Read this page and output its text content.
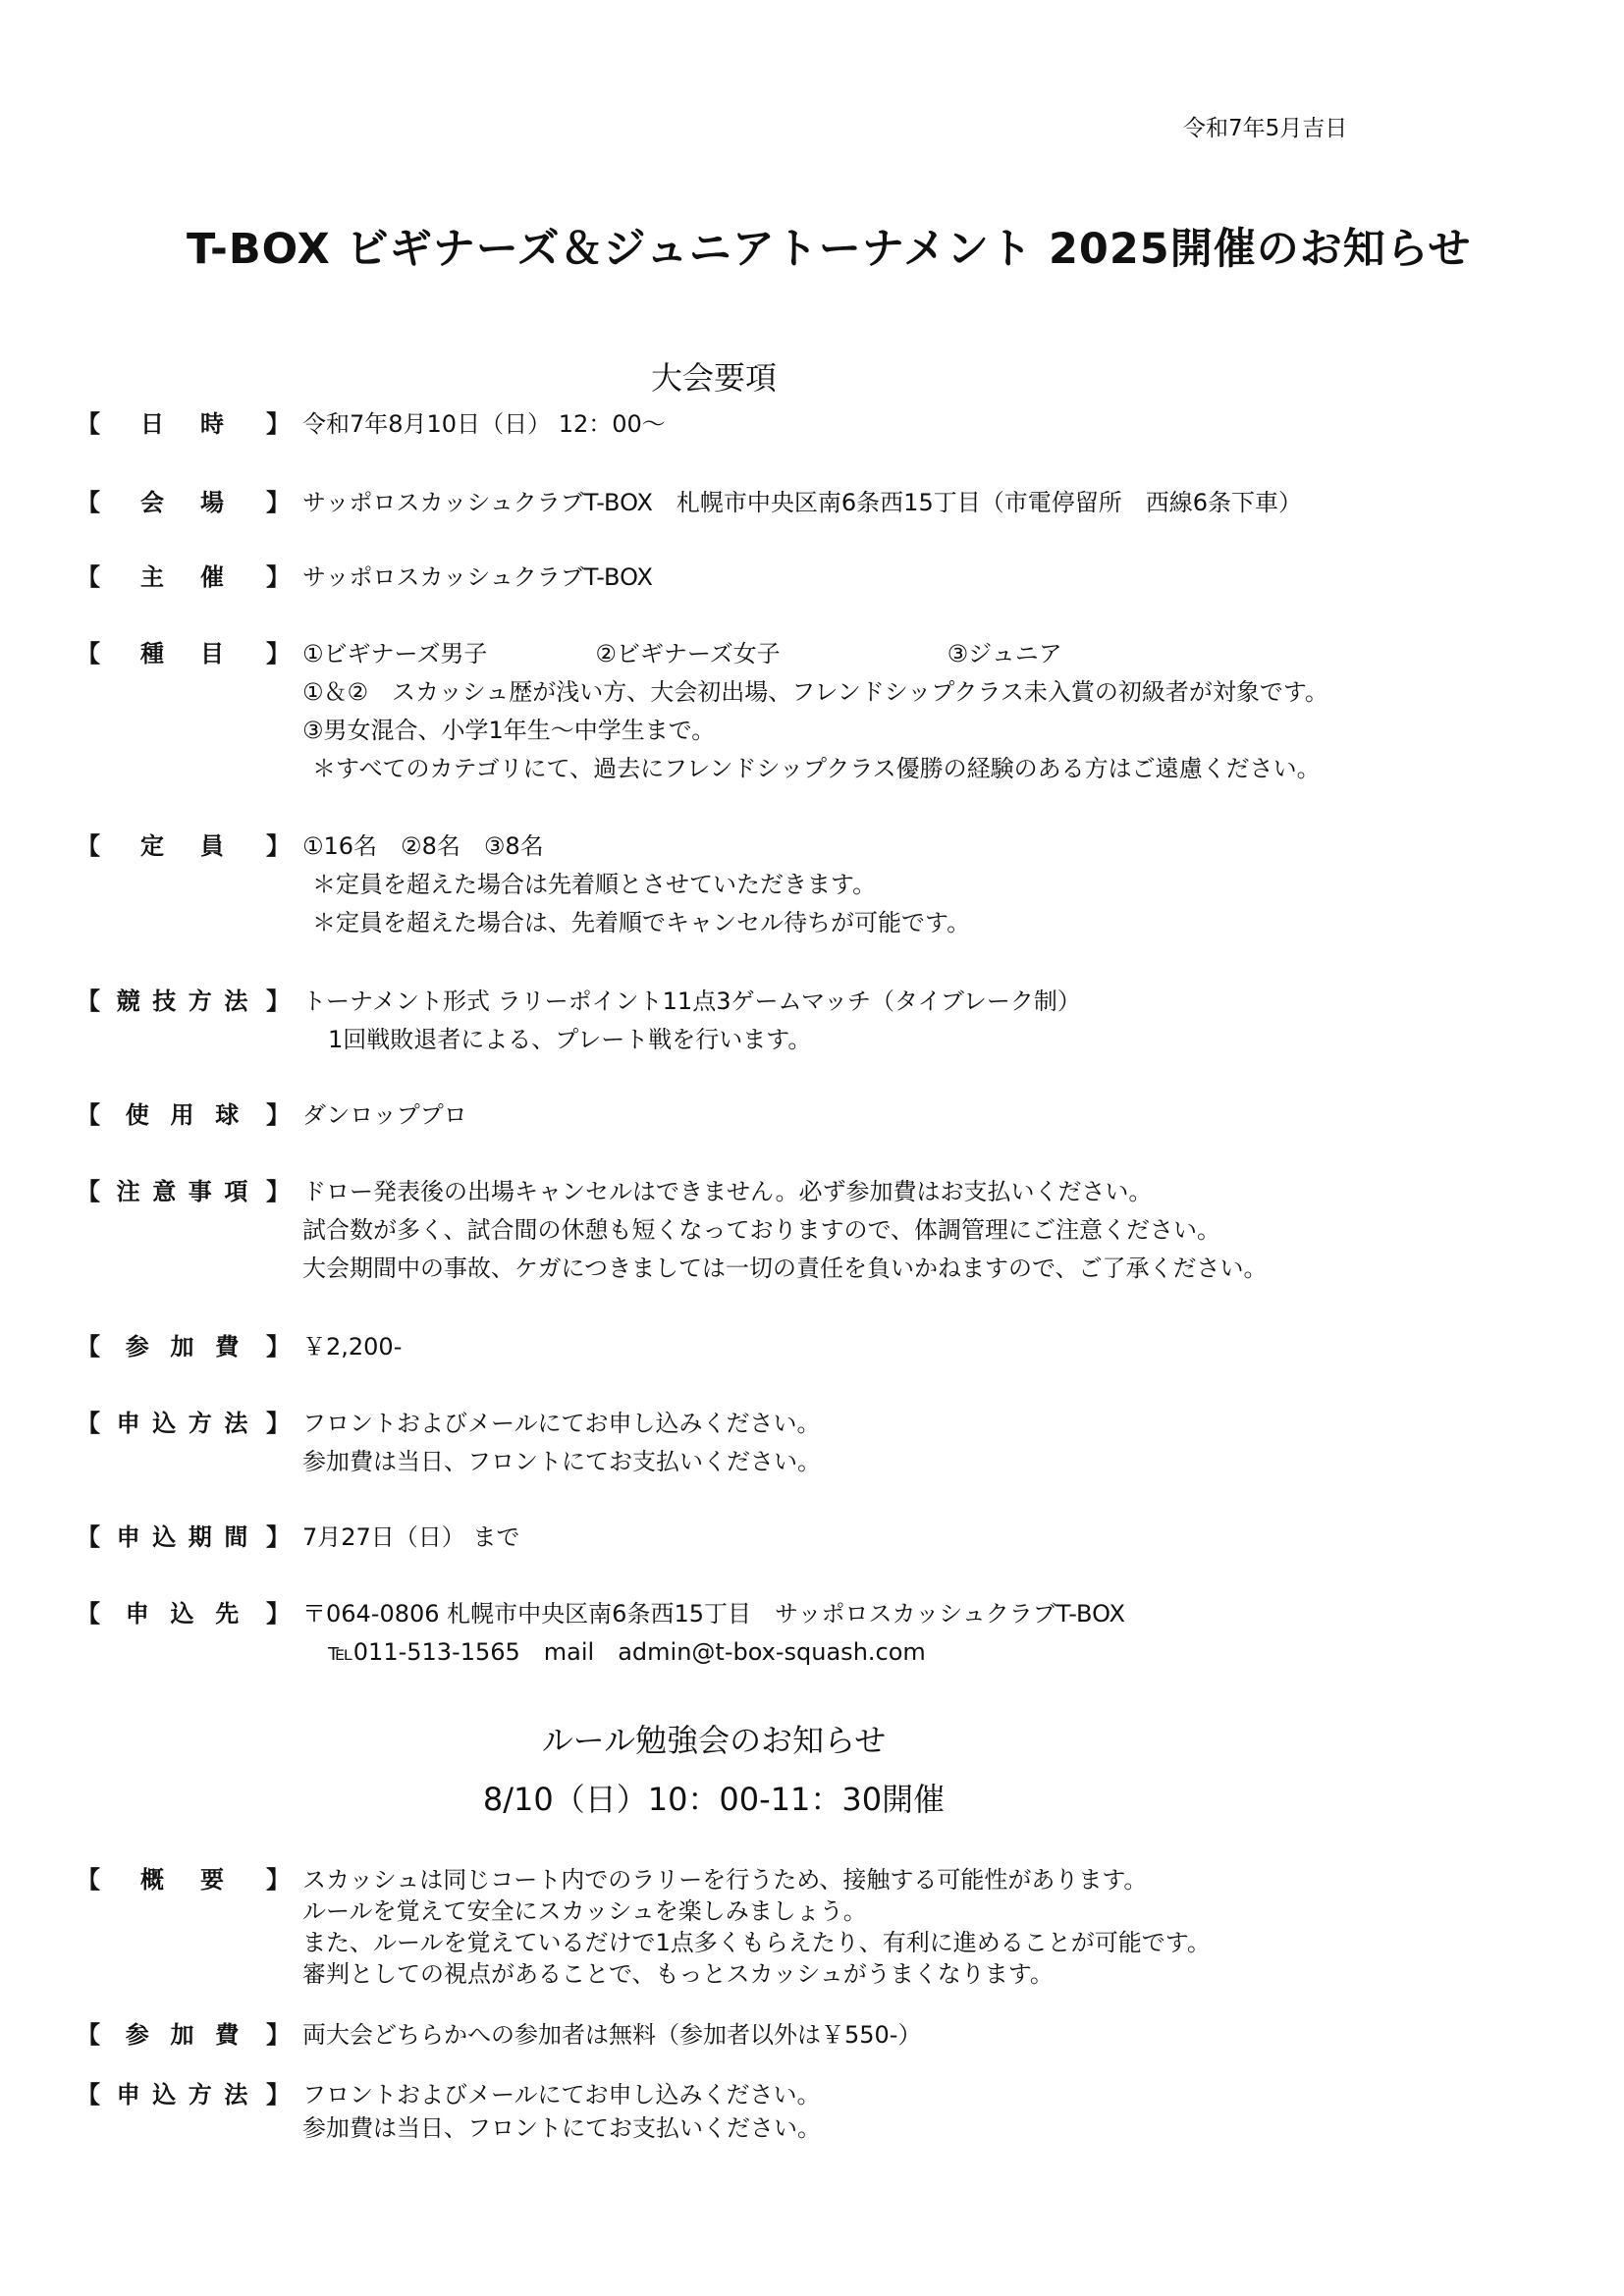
令和7年5月吉日
T-BOX ビギナーズ＆ジュニアトーナメント 2025開催のお知らせ
大会要項
【 日 時 】 令和7年8月10日（日） 12：00～
【 会 場 】 サッポロスカッシュクラブT-BOX　札幌市中央区南6条西15丁目（市電停留所　西線6条下車）
【 主 催 】 サッポロスカッシュクラブT-BOX
【 種 目 】 ①ビギナーズ男子	②ビギナーズ女子	③ジュニア
①＆②　スカッシュ歴が浅い方、大会初出場、フレンドシップクラス未入賞の初級者が対象です。
③男女混合、小学1年生～中学生まで。
＊すべてのカテゴリにて、過去にフレンドシップクラス優勝の経験のある方はご遠慮ください。
【 定 員 】 ①16名　②8名　③8名
＊定員を超えた場合は先着順とさせていただきます。
＊定員を超えた場合は、先着順でキャンセル待ちが可能です。
【 競 技 方 法 】 トーナメント形式 ラリーポイント11点3ゲームマッチ（タイブレーク制）
1回戦敗退者による、プレート戦を行います。
【 使 用 球 】 ダンロッププロ
【 注 意 事 項 】 ドロー発表後の出場キャンセルはできません。必ず参加費はお支払いください。
試合数が多く、試合間の休憩も短くなっておりますので、体調管理にご注意ください。
大会期間中の事故、ケガにつきましては一切の責任を負いかねますので、ご了承ください。
【 参 加 費 】 ￥2,200-
【 申 込 方 法 】 フロントおよびメールにてお申し込みください。
参加費は当日、フロントにてお支払いください。
【 申 込 期 間 】 7月27日（日） まで
【 申 込 先 】 〒064-0806 札幌市中央区南6条西15丁目　サッポロスカッシュクラブT-BOX
℡011-513-1565　mail　admin@t-box-squash.com
ルール勉強会のお知らせ
8/10（日）10：00-11：30開催
【 概 要 】 スカッシュは同じコート内でのラリーを行うため、接触する可能性があります。
ルールを覚えて安全にスカッシュを楽しみましょう。
また、ルールを覚えているだけで1点多くもらえたり、有利に進めることが可能です。
審判としての視点があることで、もっとスカッシュがうまくなります。
【 参 加 費 】 両大会どちらかへの参加者は無料（参加者以外は￥550-）
【 申 込 方 法 】 フロントおよびメールにてお申し込みください。
参加費は当日、フロントにてお支払いください。
